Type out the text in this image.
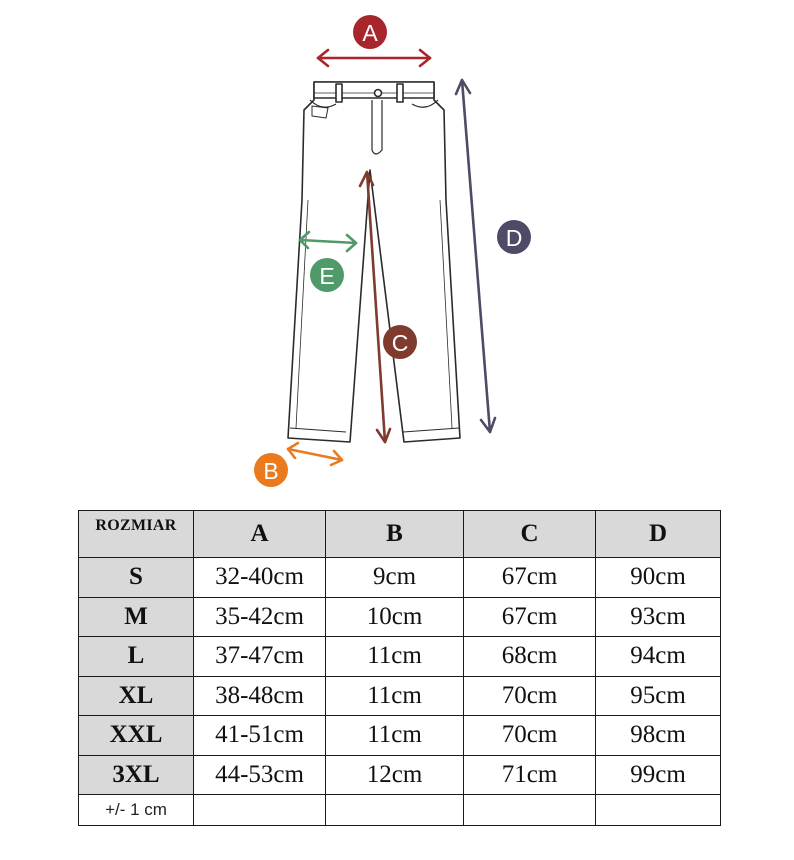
A
D
C
E
B
ROZMIAR	A	B	C	D
S	32-40cm	9cm	67cm	90cm
M	35-42cm	10cm	67cm	93cm
L	37-47cm	11cm	68cm	94cm
XL	38-48cm	11cm	70cm	95cm
XXL	41-51cm	11cm	70cm	98cm
3XL	44-53cm	12cm	71cm	99cm
+/- 1 cm				
